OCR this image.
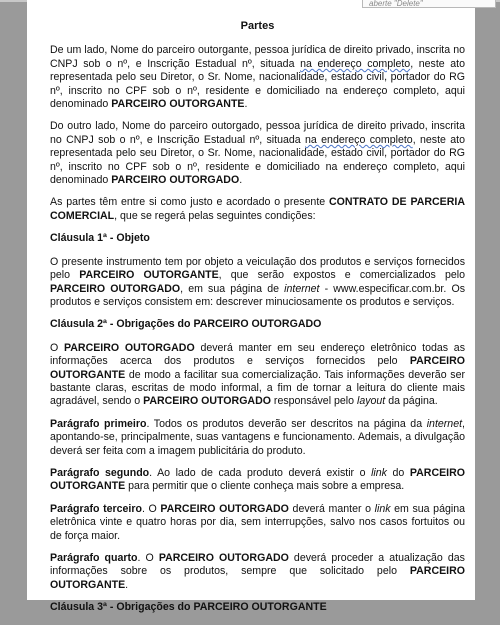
Partes

De um lado, Nome do parceiro outorgante, pessoa jurídica de direito privado, inscrita no CNPJ sob o nº, e Inscrição Estadual nº, situada na endereço completo, neste ato representada pelo seu Diretor, o Sr. Nome, nacionalidade, estado civil, portador do RG nº, inscrito no CPF sob o nº, residente e domiciliado na endereço completo, aqui denominado PARCEIRO OUTORGANTE.

Do outro lado, Nome do parceiro outorgado, pessoa jurídica de direito privado, inscrita no CNPJ sob o nº, e Inscrição Estadual nº, situada na endereço completo, neste ato representada pelo seu Diretor, o Sr. Nome, nacionalidade, estado civil, portador do RG nº, inscrito no CPF sob o nº, residente e domiciliado na endereço completo, aqui denominado PARCEIRO OUTORGADO.

As partes têm entre si como justo e acordado o presente CONTRATO DE PARCERIA COMERCIAL, que se regerá pelas seguintes condições:

Cláusula 1ª - Objeto

O presente instrumento tem por objeto a veiculação dos produtos e serviços fornecidos pelo PARCEIRO OUTORGANTE, que serão expostos e comercializados pelo PARCEIRO OUTORGADO, em sua página de internet - www.especificar.com.br. Os produtos e serviços consistem em: descrever minuciosamente os produtos e serviços.

Cláusula 2ª - Obrigações do PARCEIRO OUTORGADO

O PARCEIRO OUTORGADO deverá manter em seu endereço eletrônico todas as informações acerca dos produtos e serviços fornecidos pelo PARCEIRO OUTORGANTE de modo a facilitar sua comercialização. Tais informações deverão ser bastante claras, escritas de modo informal, a fim de tornar a leitura do cliente mais agradável, sendo o PARCEIRO OUTORGADO responsável pelo layout da página.

Parágrafo primeiro. Todos os produtos deverão ser descritos na página da internet, apontando-se, principalmente, suas vantagens e funcionamento. Ademais, a divulgação deverá ser feita com a imagem publicitária do produto.

Parágrafo segundo. Ao lado de cada produto deverá existir o link do PARCEIRO OUTORGANTE para permitir que o cliente conheça mais sobre a empresa.

Parágrafo terceiro. O PARCEIRO OUTORGADO deverá manter o link em sua página eletrônica vinte e quatro horas por dia, sem interrupções, salvo nos casos fortuitos ou de força maior.

Parágrafo quarto. O PARCEIRO OUTORGADO deverá proceder a atualização das informações sobre os produtos, sempre que solicitado pelo PARCEIRO OUTORGANTE.

Cláusula 3ª - Obrigações do PARCEIRO OUTORGANTE
aberte "Delete"
